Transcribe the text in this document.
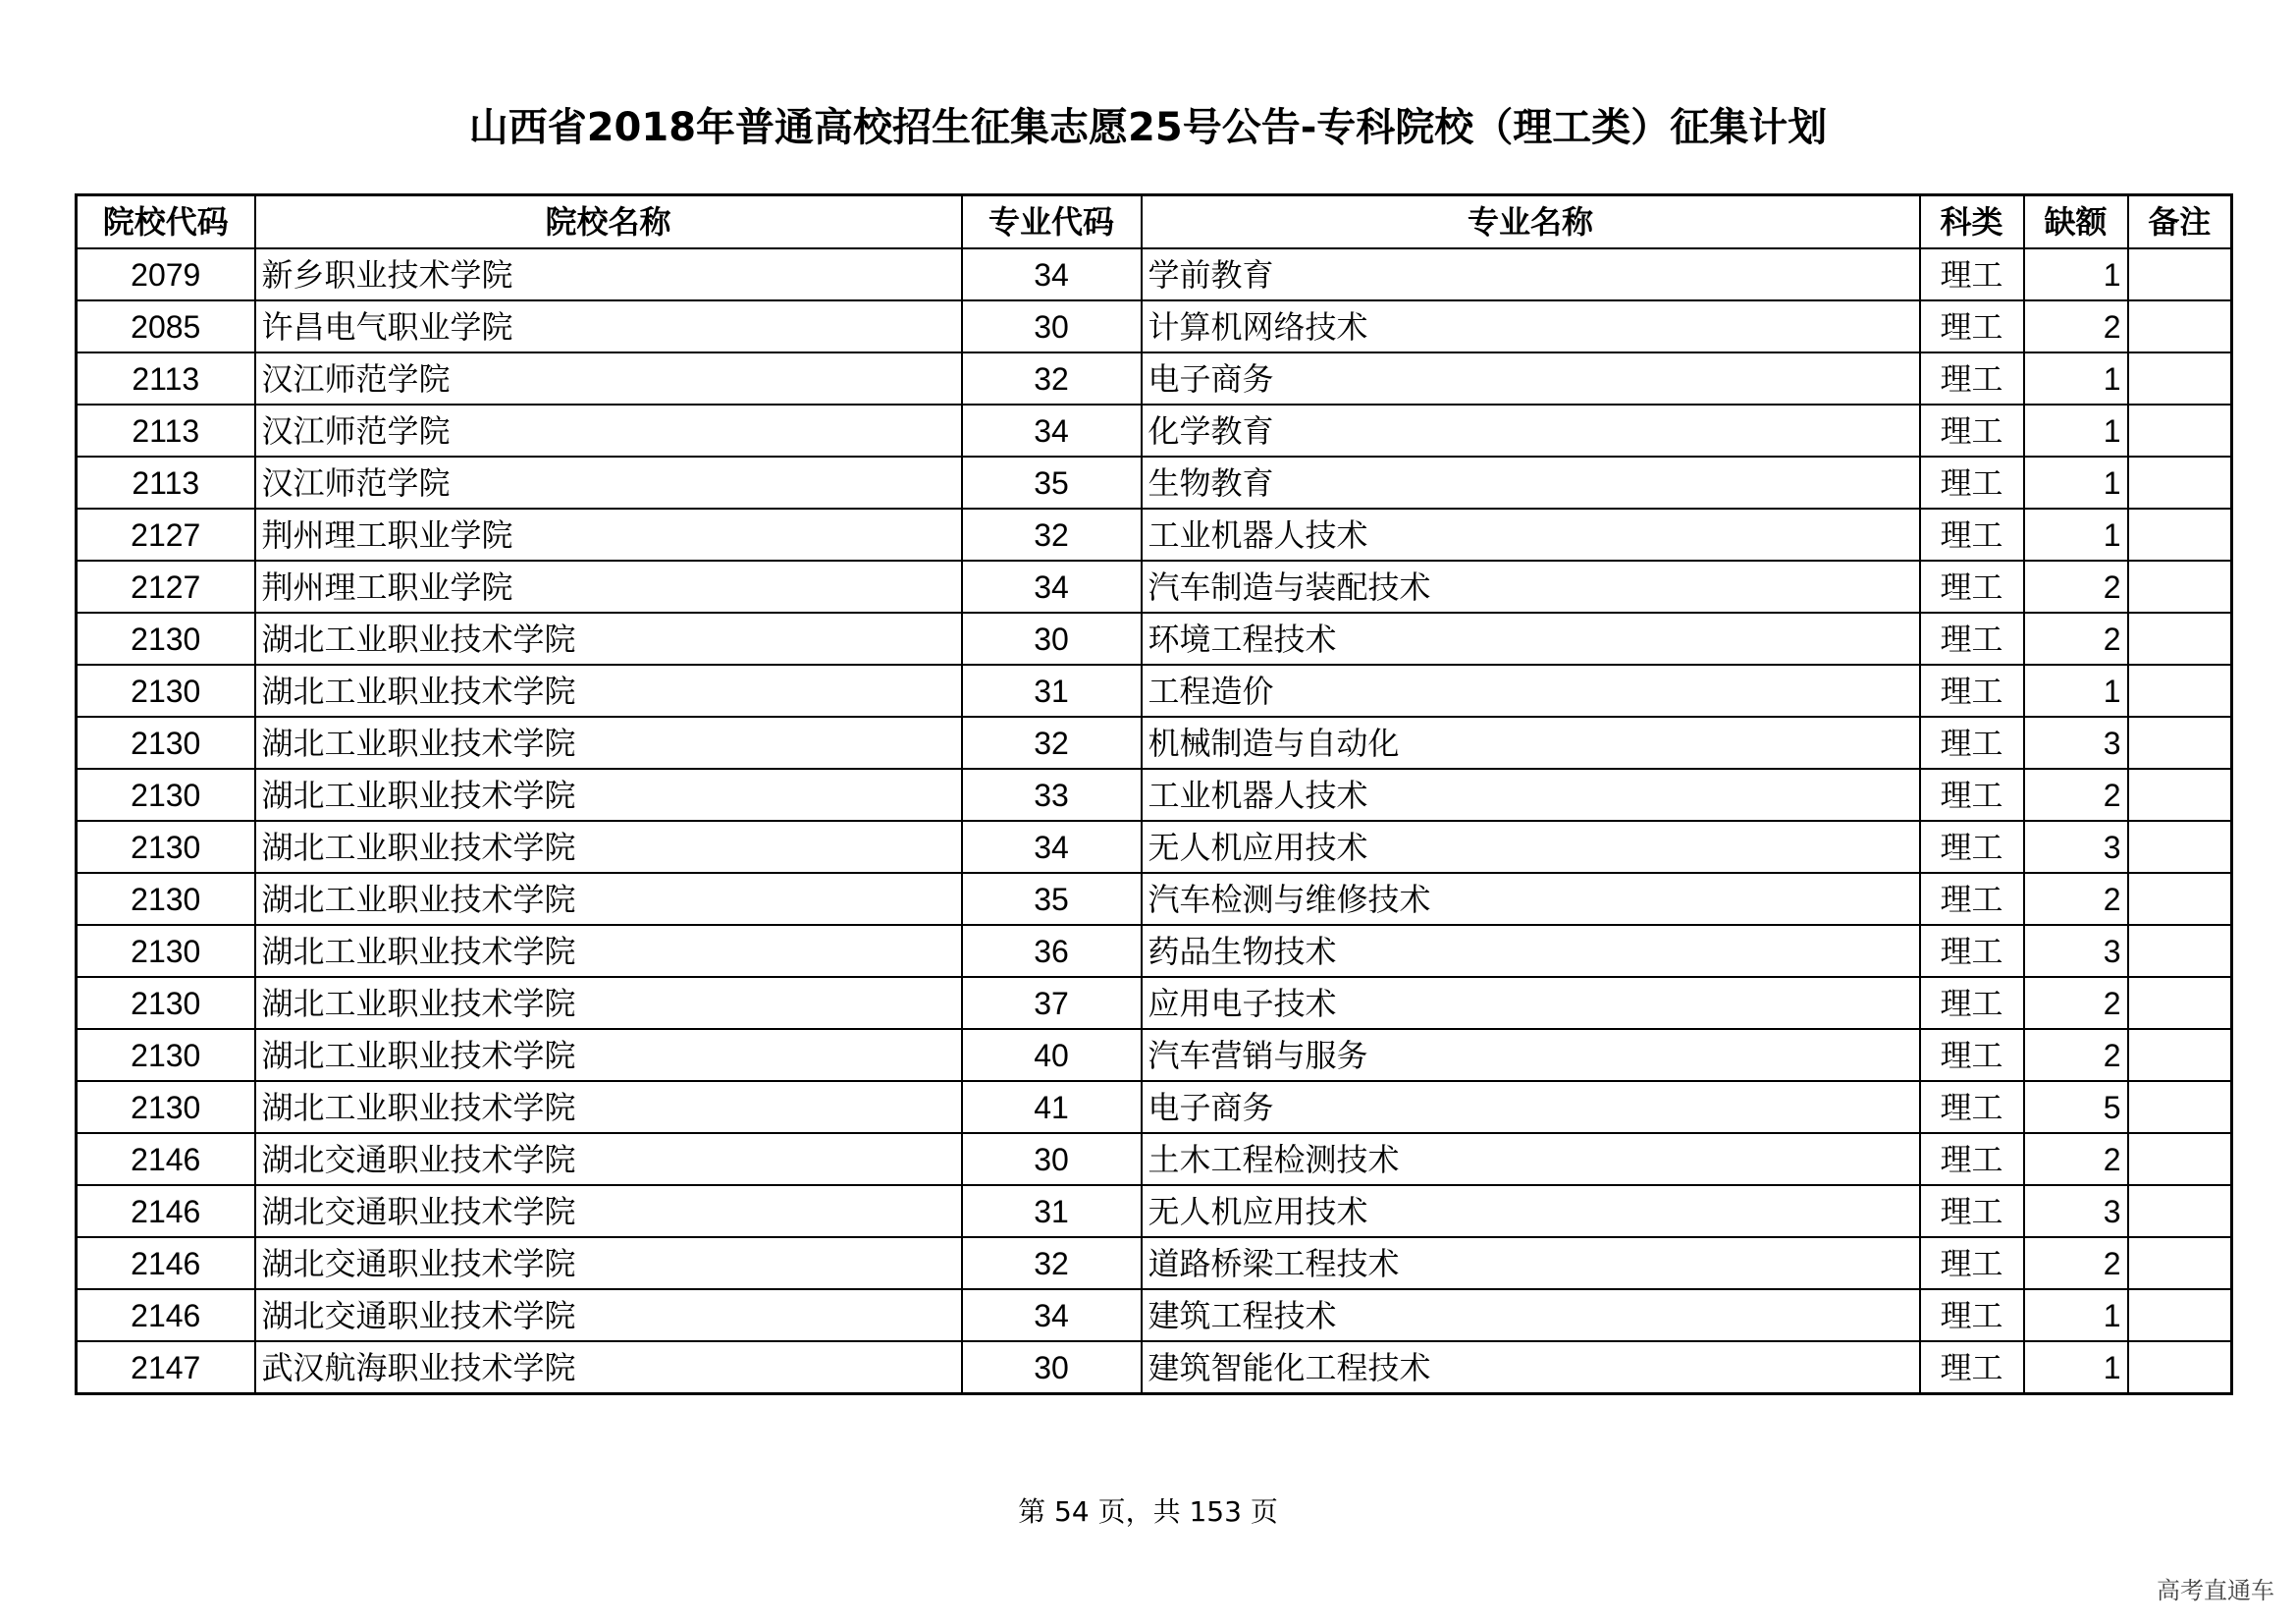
山西省2018年普通高校招生征集志愿25号公告-专科院校（理工类）征集计划
院校代码	院校名称	专业代码	专业名称	科类	缺额	备注
2079	新乡职业技术学院	34	学前教育	理工	1	
2085	许昌电气职业学院	30	计算机网络技术	理工	2	
2113	汉江师范学院	32	电子商务	理工	1	
2113	汉江师范学院	34	化学教育	理工	1	
2113	汉江师范学院	35	生物教育	理工	1	
2127	荆州理工职业学院	32	工业机器人技术	理工	1	
2127	荆州理工职业学院	34	汽车制造与装配技术	理工	2	
2130	湖北工业职业技术学院	30	环境工程技术	理工	2	
2130	湖北工业职业技术学院	31	工程造价	理工	1	
2130	湖北工业职业技术学院	32	机械制造与自动化	理工	3	
2130	湖北工业职业技术学院	33	工业机器人技术	理工	2	
2130	湖北工业职业技术学院	34	无人机应用技术	理工	3	
2130	湖北工业职业技术学院	35	汽车检测与维修技术	理工	2	
2130	湖北工业职业技术学院	36	药品生物技术	理工	3	
2130	湖北工业职业技术学院	37	应用电子技术	理工	2	
2130	湖北工业职业技术学院	40	汽车营销与服务	理工	2	
2130	湖北工业职业技术学院	41	电子商务	理工	5	
2146	湖北交通职业技术学院	30	土木工程检测技术	理工	2	
2146	湖北交通职业技术学院	31	无人机应用技术	理工	3	
2146	湖北交通职业技术学院	32	道路桥梁工程技术	理工	2	
2146	湖北交通职业技术学院	34	建筑工程技术	理工	1	
2147	武汉航海职业技术学院	30	建筑智能化工程技术	理工	1	
第 54 页，共 153 页
高考直通车
